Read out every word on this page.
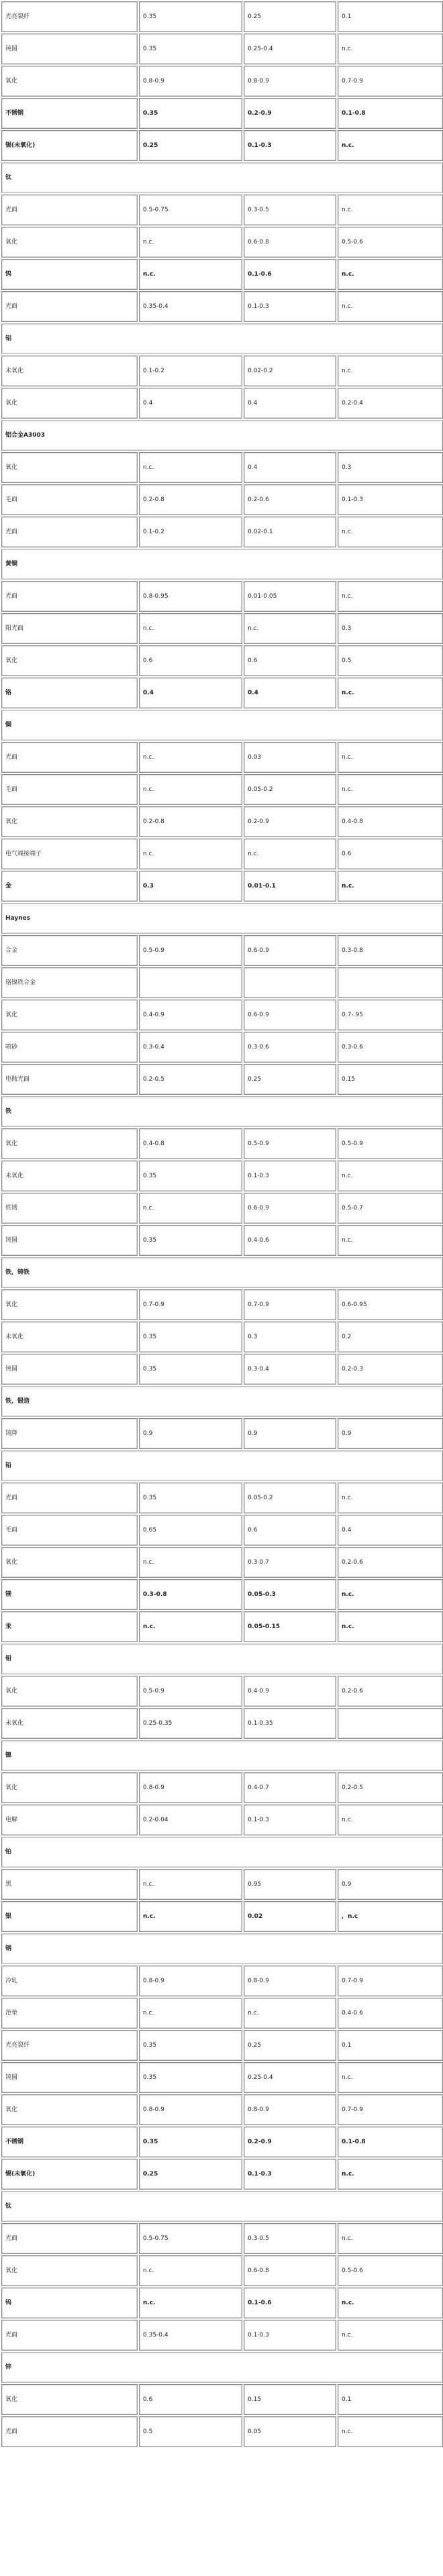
光亮裂纤	0.35	0.25	0.1
钝圆	0.35	0.25-0.4	n.c.
氧化	0.8-0.9	0.8-0.9	0.7-0.9
不锈钢	0.35	0.2-0.9	0.1-0.8
锡(未氧化)	0.25	0.1-0.3	n.c.
钛			
光面	0.5-0.75	0.3-0.5	n.c.
氧化	n.c.	0.6-0.8	0.5-0.6
钨	n.c.	0.1-0.6	n.c.
光面	0.35-0.4	0.1-0.3	n.c.
铝			
未氧化	0.1-0.2	0.02-0.2	n.c.
氧化	0.4	0.4	0.2-0.4
铝合金A3003			
氧化	n.c.	0.4	0.3
毛面	0.2-0.8	0.2-0.6	0.1-0.3
光面	0.1-0.2	0.02-0.1	n.c.
黄铜			
光面	0.8-0.95	0.01-0.05	n.c.
阳光面	n.c.	n.c.	0.3
氧化	0.6	0.6	0.5
铬	0.4	0.4	n.c.
铜			
光面	n.c.	0.03	n.c.
毛面	n.c.	0.05-0.2	n.c.
氧化	0.2-0.8	0.2-0.9	0.4-0.8
电气端接端子	n.c.	n.c.	0.6
金	0.3	0.01-0.1	n.c.
Haynes			
合金	0.5-0.9	0.6-0.9	0.3-0.8
铬镍铁合金			
氧化	0.4-0.9	0.6-0.9	0.7-.95
喷砂	0.3-0.4	0.3-0.6	0.3-0.6
电抛光面	0.2-0.5	0.25	0.15
铁			
氧化	0.4-0.8	0.5-0.9	0.5-0.9
未氧化	0.35	0.1-0.3	n.c.
铁锈	n.c.	0.6-0.9	0.5-0.7
钝圆	0.35	0.4-0.6	n.c.
铁，铸铁			
氧化	0.7-0.9	0.7-0.9	0.6-0.95
未氧化	0.35	0.3	0.2
钝圆	0.35	0.3-0.4	0.2-0.3
铁，锻造			
钝降	0.9	0.9	0.9
铅			
光面	0.35	0.05-0.2	n.c.
毛面	0.65	0.6	0.4
氧化	n.c.	0.3-0.7	0.2-0.6
镁	0.3-0.8	0.05-0.3	n.c.
汞	n.c.	0.05-0.15	n.c.
钼			
氧化	0.5-0.9	0.4-0.9	0.2-0.6
未氧化	0.25-0.35	0.1-0.35	
镍			
氧化	0.8-0.9	0.4-0.7	0.2-0.5
电解	0.2-0.04	0.1-0.3	n.c.
铂			
黑	n.c.	0.95	0.9
银	n.c.	0.02	，n.c
钢			
冷轧	0.8-0.9	0.8-0.9	0.7-0.9
范垫	n.c.	n.c.	0.4-0.6
光亮裂纤	0.35	0.25	0.1
钝圆	0.35	0.25-0.4	n.c.
氧化	0.8-0.9	0.8-0.9	0.7-0.9
不锈钢	0.35	0.2-0.9	0.1-0.8
锡(未氧化)	0.25	0.1-0.3	n.c.
钛			
光面	0.5-0.75	0.3-0.5	n.c.
氧化	n.c.	0.6-0.8	0.5-0.6
钨	n.c.	0.1-0.6	n.c.
光面	0.35-0.4	0.1-0.3	n.c.
锌			
氧化	0.6	0.15	0.1
光面	0.5	0.05	n.c.
